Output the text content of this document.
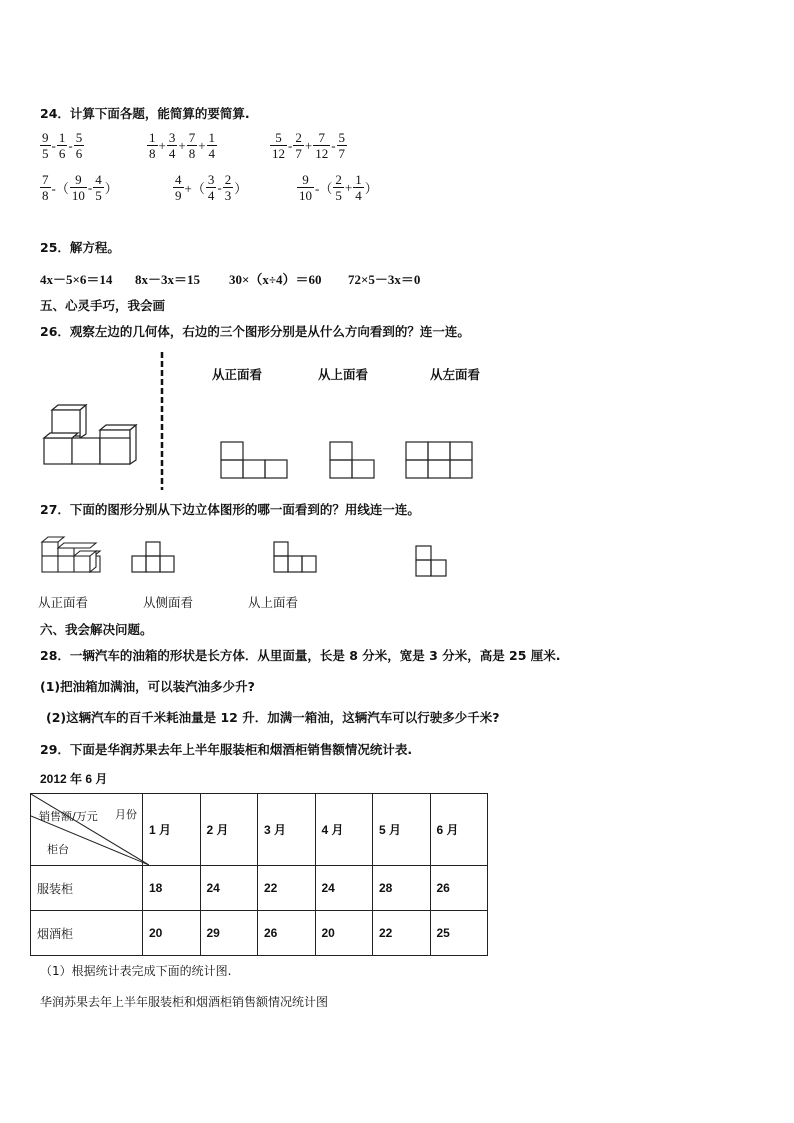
24．计算下面各题，能简算的要简算.
$\frac{9}{5} - \frac{1}{6} - \frac{5}{6}$	$\frac{1}{8} + \frac{3}{4} + \frac{7}{8} + \frac{1}{4}$	$\frac{5}{12} - \frac{2}{7} + \frac{7}{12} - \frac{5}{7}$
$\frac{7}{8}$ -（ $\frac{9}{10} - \frac{4}{5}$ ）	$\frac{4}{9}$ +（ $\frac{3}{4} - \frac{2}{3}$ ）	$\frac{9}{10}$ -（ $\frac{2}{5} + \frac{1}{4}$ ）
25．解方程。
4x－5×6＝14 8x－3x＝15 30×（x÷4）＝60 72×5－3x＝0
五、心灵手巧，我会画
26．观察左边的几何体，右边的三个图形分别是从什么方向看到的？连一连。
从正面看	从上面看	从左面看
27．下面的图形分别从下边立体图形的哪一面看到的？用线连一连。
从正面看	从侧面看	从上面看
六、我会解决问题。
28．一辆汽车的油箱的形状是长方体．从里面量，长是 8 分米，宽是 3 分米，高是 25 厘米.
(1)把油箱加满油，可以装汽油多少升?
(2)这辆汽车的百千米耗油量是 12 升．加满一箱油，这辆汽车可以行驶多少千米?
29．下面是华润苏果去年上半年服装柜和烟酒柜销售额情况统计表.
2012 年 6 月
销售额/万元 月份
柜台	1 月	2 月	3 月	4 月	5 月	6 月
服装柜	18	24	22	24	28	26
烟酒柜	20	29	26	20	22	25
（1）根据统计表完成下面的统计图.
华润苏果去年上半年服装柜和烟酒柜销售额情况统计图
